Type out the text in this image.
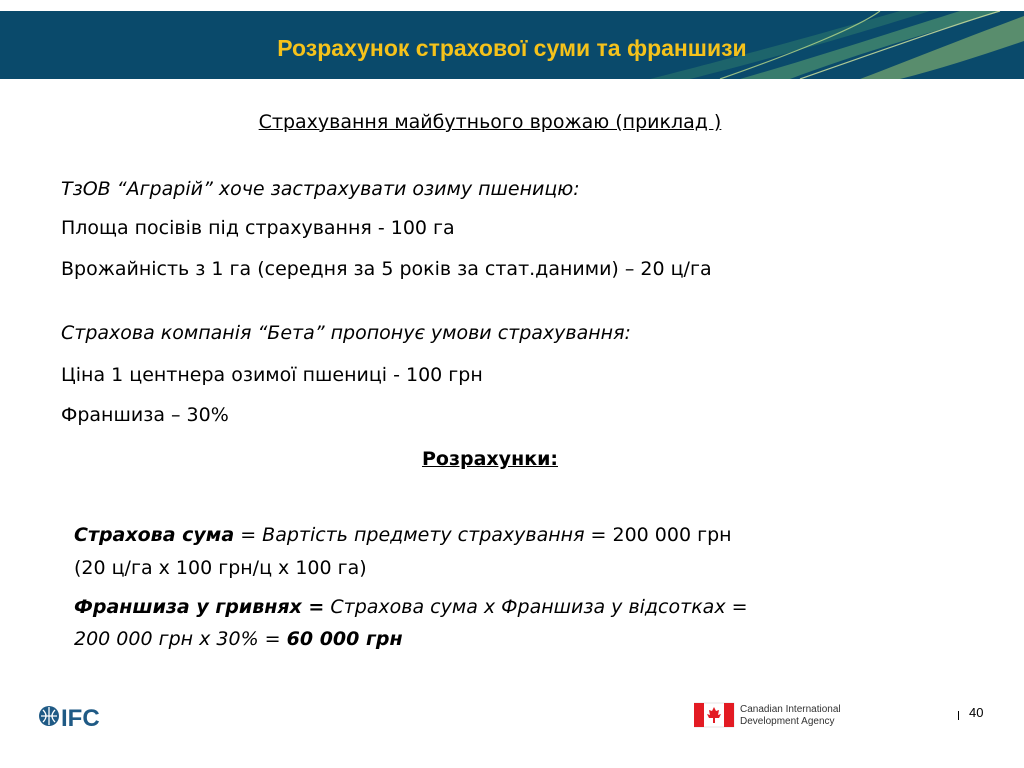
Розрахунок страхової суми та франшизи
Страхування майбутнього врожаю (приклад )
ТзОВ “Аграрій” хоче застрахувати озиму пшеницю:
Площа посівів під страхування - 100 га
Врожайність з 1 га (середня за 5 років за стат.даними) – 20 ц/га
Страхова компанія “Бета” пропонує умови страхування:
Ціна 1 центнера озимої пшениці - 100 грн
Франшиза – 30%
Розрахунки:
Страхова сума = Вартість предмету страхування = 200 000 грн
(20 ц/га х 100 грн/ц х 100 га)
Франшиза у гривнях = Страхова сума х Франшиза у відсотках =
200 000 грн х 30% = 60 000 грн
IFC	Canadian International
Development Agency
40
